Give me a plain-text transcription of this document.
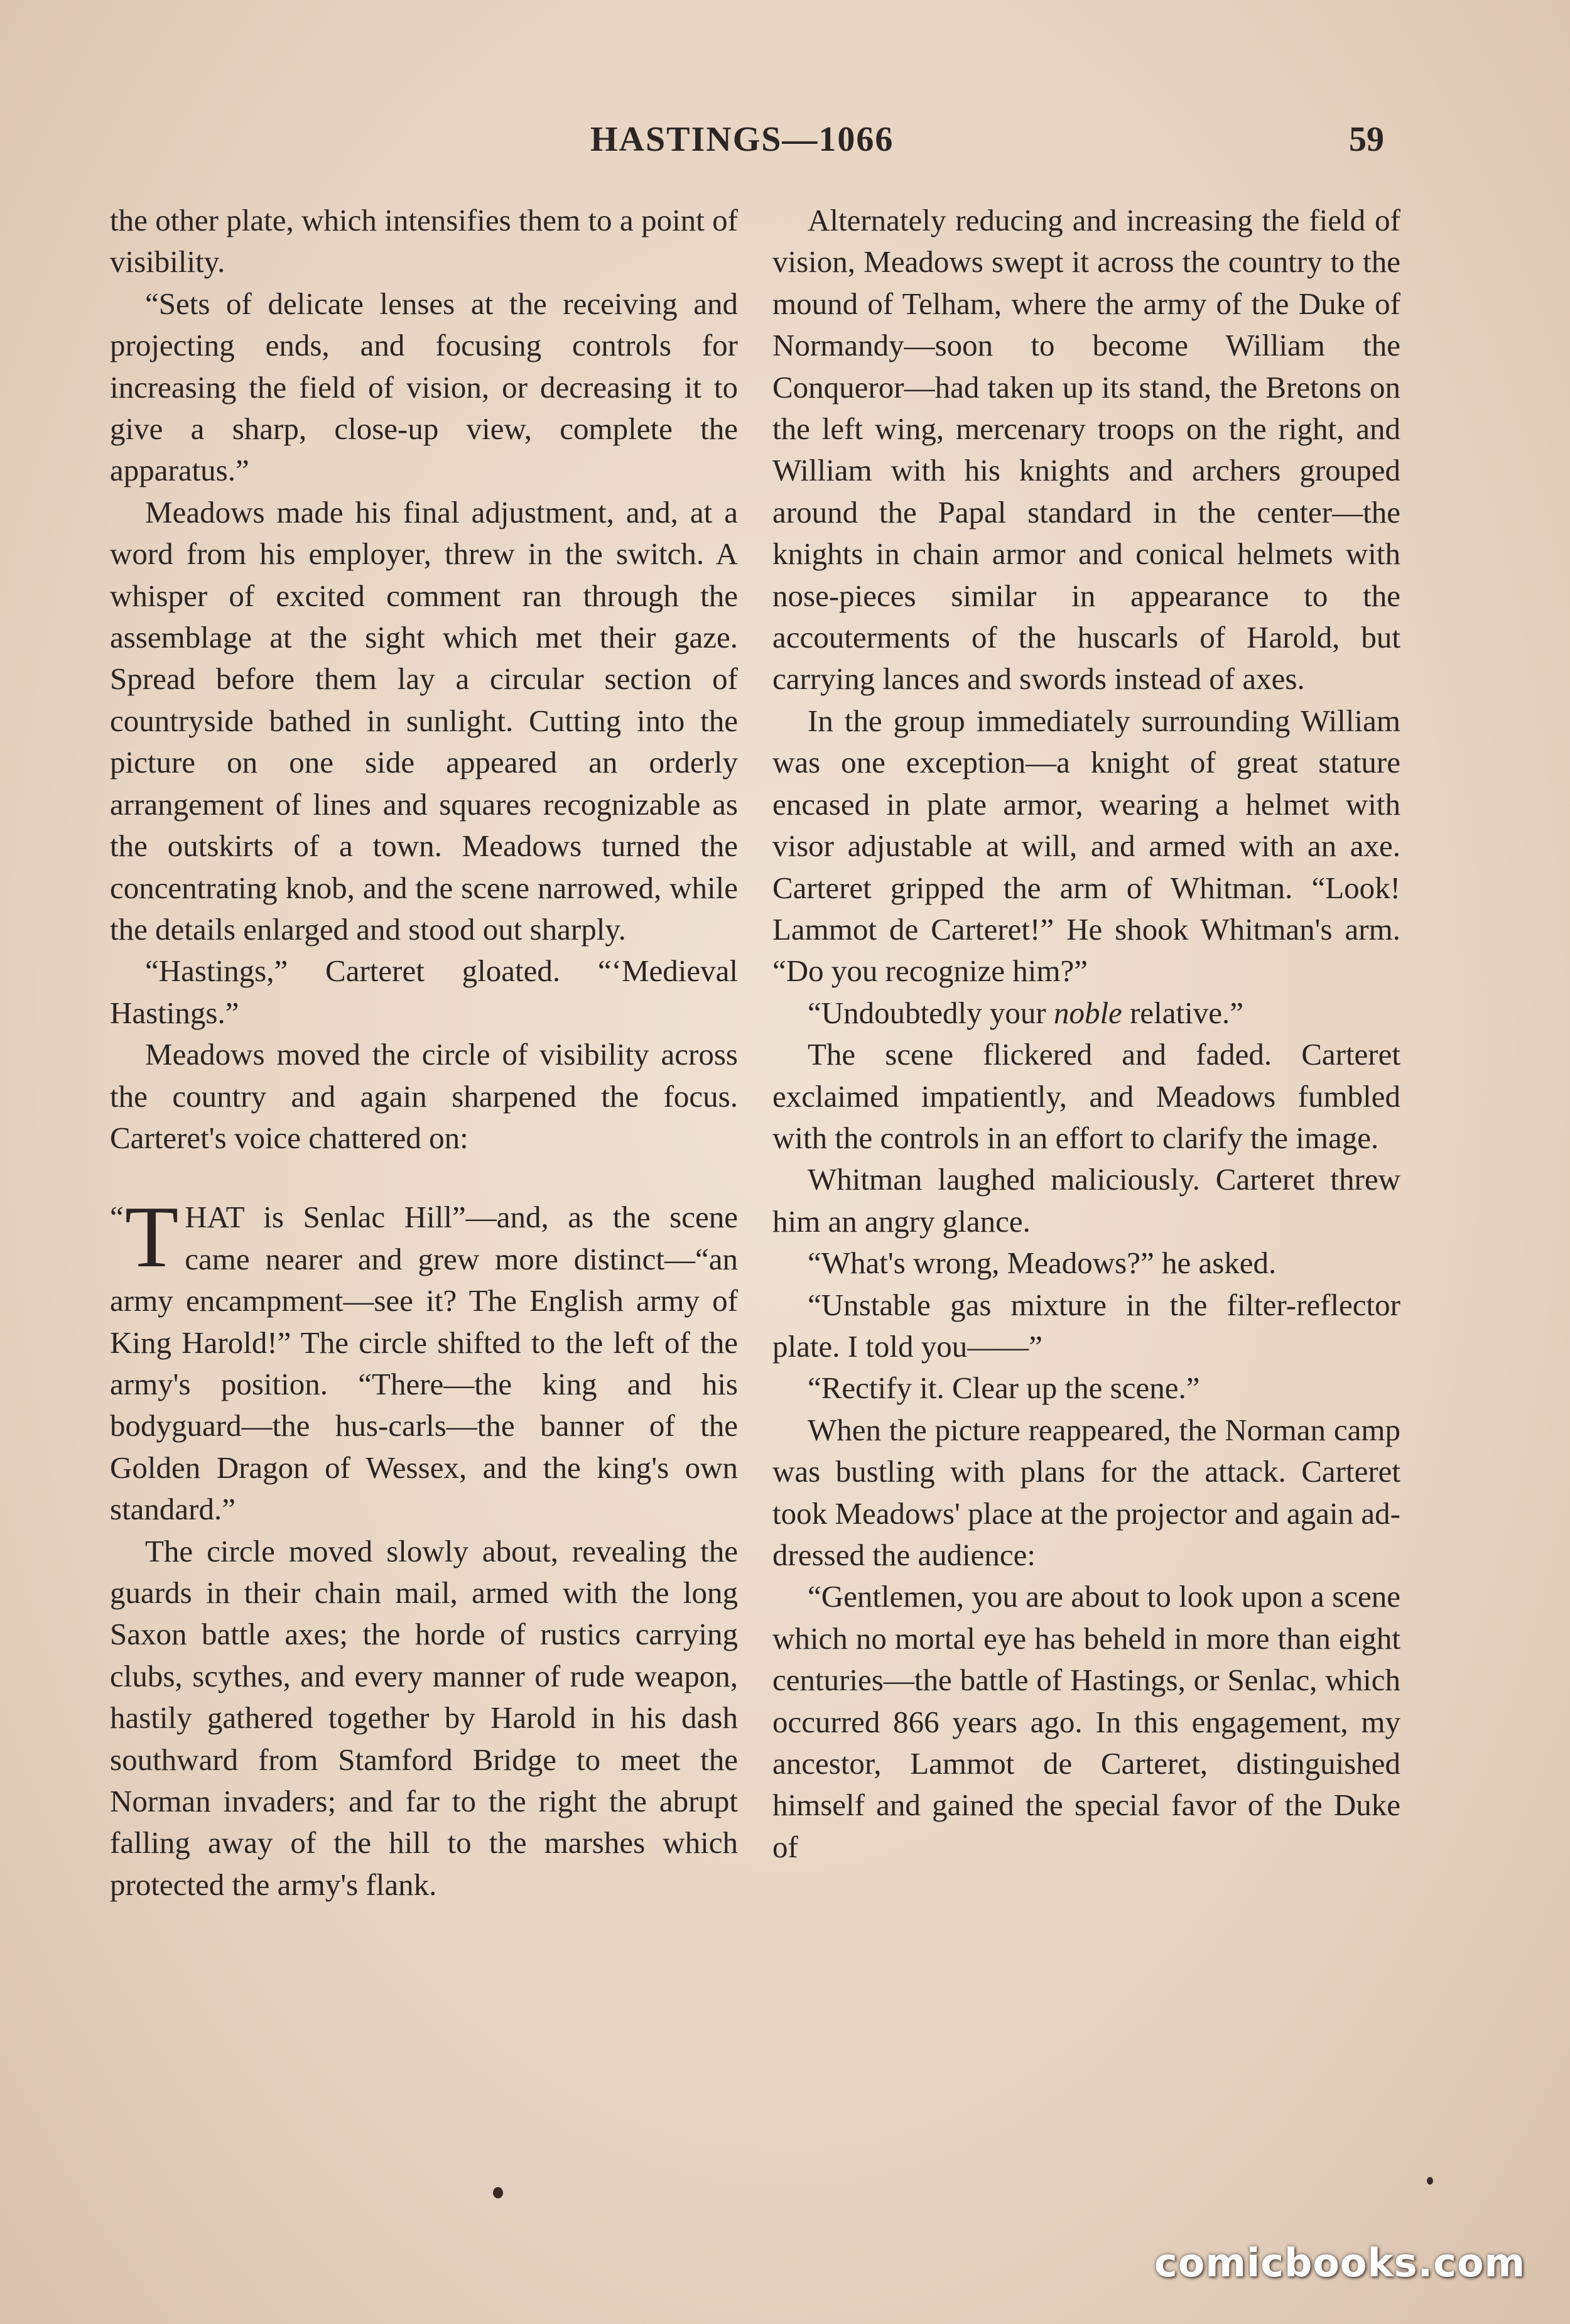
HASTINGS—1066	59

the other plate, which intensifies them to a point of visibility.

“Sets of delicate lenses at the receiving and projecting ends, and focusing controls for increasing the field of vision, or decreasing it to give a sharp, close-up view, complete the apparatus.”

Meadows made his final adjustment, and, at a word from his employer, threw in the switch. A whisper of excited comment ran through the assemblage at the sight which met their gaze. Spread before them lay a circular section of countryside bathed in sunlight. Cutting into the picture on one side appeared an orderly arrangement of lines and squares recognizable as the outskirts of a town. Meadows turned the concentrating knob, and the scene narrowed, while the details enlarged and stood out sharply.

“Hastings,” Carteret gloated. “‘Medieval Hastings.”

Meadows moved the circle of visibility across the country and again sharpened the focus. Carteret's voice chattered on:

“ T HAT is Senlac Hill”—and, as the scene came nearer and grew more distinct—“an army encampment—see it? The English army of King Harold!” The circle shifted to the left of the army's position. “There—the king and his bodyguard—the hus-carls—the banner of the Golden Dragon of Wessex, and the king's own standard.”

The circle moved slowly about, revealing the guards in their chain mail, armed with the long Saxon battle axes; the horde of rustics carrying clubs, scythes, and every manner of rude weapon, hastily gathered together by Harold in his dash southward from Stamford Bridge to meet the Norman invaders; and far to the right the abrupt falling away of the hill to the marshes which protected the army's flank.

Alternately reducing and increasing the field of vision, Meadows swept it across the country to the mound of Telham, where the army of the Duke of Normandy—soon to become William the Conqueror—had taken up its stand, the Bretons on the left wing, mercenary troops on the right, and William with his knights and archers grouped around the Papal standard in the center—the knights in chain armor and conical helmets with nose-pieces similar in appearance to the accouterments of the huscarls of Harold, but carrying lances and swords instead of axes.

In the group immediately surrounding William was one exception—a knight of great stature encased in plate armor, wearing a helmet with visor adjustable at will, and armed with an axe. Carteret gripped the arm of Whitman. “Look! Lammot de Carteret!” He shook Whitman's arm. “Do you recognize him?”

“Undoubtedly your noble relative.”

The scene flickered and faded. Carteret exclaimed impatiently, and Meadows fumbled with the controls in an effort to clarify the image.

Whitman laughed maliciously. Carteret threw him an angry glance.

“What's wrong, Meadows?” he asked.

“Unstable gas mixture in the filter-reflector plate. I told you——”

“Rectify it. Clear up the scene.”

When the picture reappeared, the Norman camp was bustling with plans for the attack. Carteret took Meadows' place at the projector and again addressed the audience:

“Gentlemen, you are about to look upon a scene which no mortal eye has beheld in more than eight centuries—the battle of Hastings, or Senlac, which occurred 866 years ago. In this engagement, my ancestor, Lammot de Carteret, distinguished himself and gained the special favor of the Duke of

comicbooks.com
